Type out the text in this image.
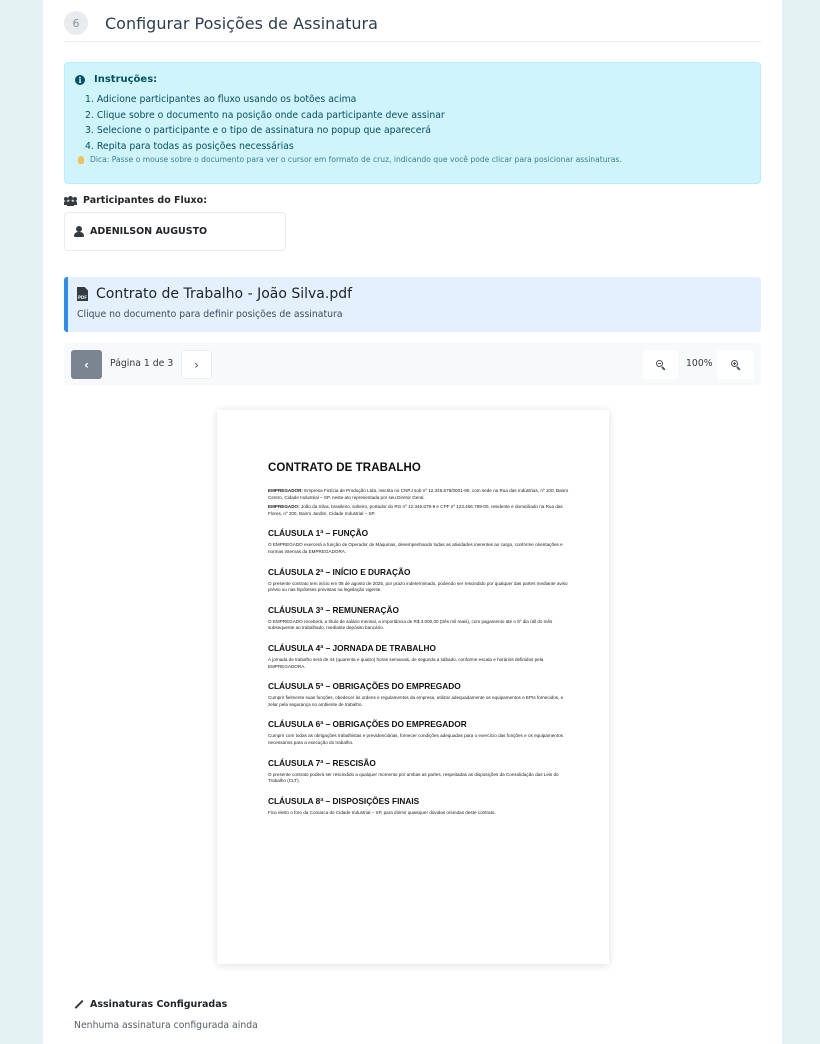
6	Configurar Posições de Assinatura
i	Instruções:
1. Adicione participantes ao fluxo usando os botões acima
2. Clique sobre o documento na posição onde cada participante deve assinar
3. Selecione o participante e o tipo de assinatura no popup que aparecerá
4. Repita para todas as posições necessárias
Dica: Passe o mouse sobre o documento para ver o cursor em formato de cruz, indicando que você pode clicar para posicionar assinaturas.
Participantes do Fluxo:
ADENILSON AUGUSTO
PDF
Contrato de Trabalho - João Silva.pdf
Clique no documento para definir posições de assinatura
‹ Página 1 de 3 ›	100%
CONTRATO DE TRABALHO

EMPREGADOR: Empresa Fictícia de Produção Ltda, inscrita no CNPJ sob nº 12.345.678/0001-90, com sede na Rua das Indústrias, nº 100, Bairro Centro, Cidade Industrial – SP, neste ato representada por seu Diretor Geral.

EMPREGADO: João da Silva, brasileiro, solteiro, portador do RG nº 12.345.678-9 e CPF nº 123.456.789-00, residente e domiciliado na Rua das Flores, nº 200, Bairro Jardim, Cidade Industrial – SP.

CLÁUSULA 1ª – FUNÇÃO

O EMPREGADO exercerá a função de Operador de Máquinas, desempenhando todas as atividades inerentes ao cargo, conforme orientações e normas internas da EMPREGADORA.

CLÁUSULA 2ª – INÍCIO E DURAÇÃO

O presente contrato tem início em 08 de agosto de 2025, por prazo indeterminado, podendo ser rescindido por qualquer das partes mediante aviso prévio ou nas hipóteses previstas na legislação vigente.

CLÁUSULA 3ª – REMUNERAÇÃO

O EMPREGADO receberá, a título de salário mensal, a importância de R$ 3.000,00 (três mil reais), com pagamento até o 5º dia útil do mês subsequente ao trabalhado, mediante depósito bancário.

CLÁUSULA 4ª – JORNADA DE TRABALHO

A jornada de trabalho será de 44 (quarenta e quatro) horas semanais, de segunda a sábado, conforme escala e horários definidos pela EMPREGADORA.

CLÁUSULA 5ª – OBRIGAÇÕES DO EMPREGADO

Cumprir fielmente suas funções, obedecer às ordens e regulamentos da empresa, utilizar adequadamente os equipamentos e EPIs fornecidos, e zelar pela segurança no ambiente de trabalho.

CLÁUSULA 6ª – OBRIGAÇÕES DO EMPREGADOR

Cumprir com todas as obrigações trabalhistas e previdenciárias, fornecer condições adequadas para o exercício das funções e os equipamentos necessários para a execução do trabalho.

CLÁUSULA 7ª – RESCISÃO

O presente contrato poderá ser rescindido a qualquer momento por ambas as partes, respeitadas as disposições da Consolidação das Leis do Trabalho (CLT).

CLÁUSULA 8ª – DISPOSIÇÕES FINAIS

Fica eleito o foro da Comarca de Cidade Industrial – SP, para dirimir quaisquer dúvidas oriundas deste contrato.

Assinaturas Configuradas
Nenhuma assinatura configurada ainda
